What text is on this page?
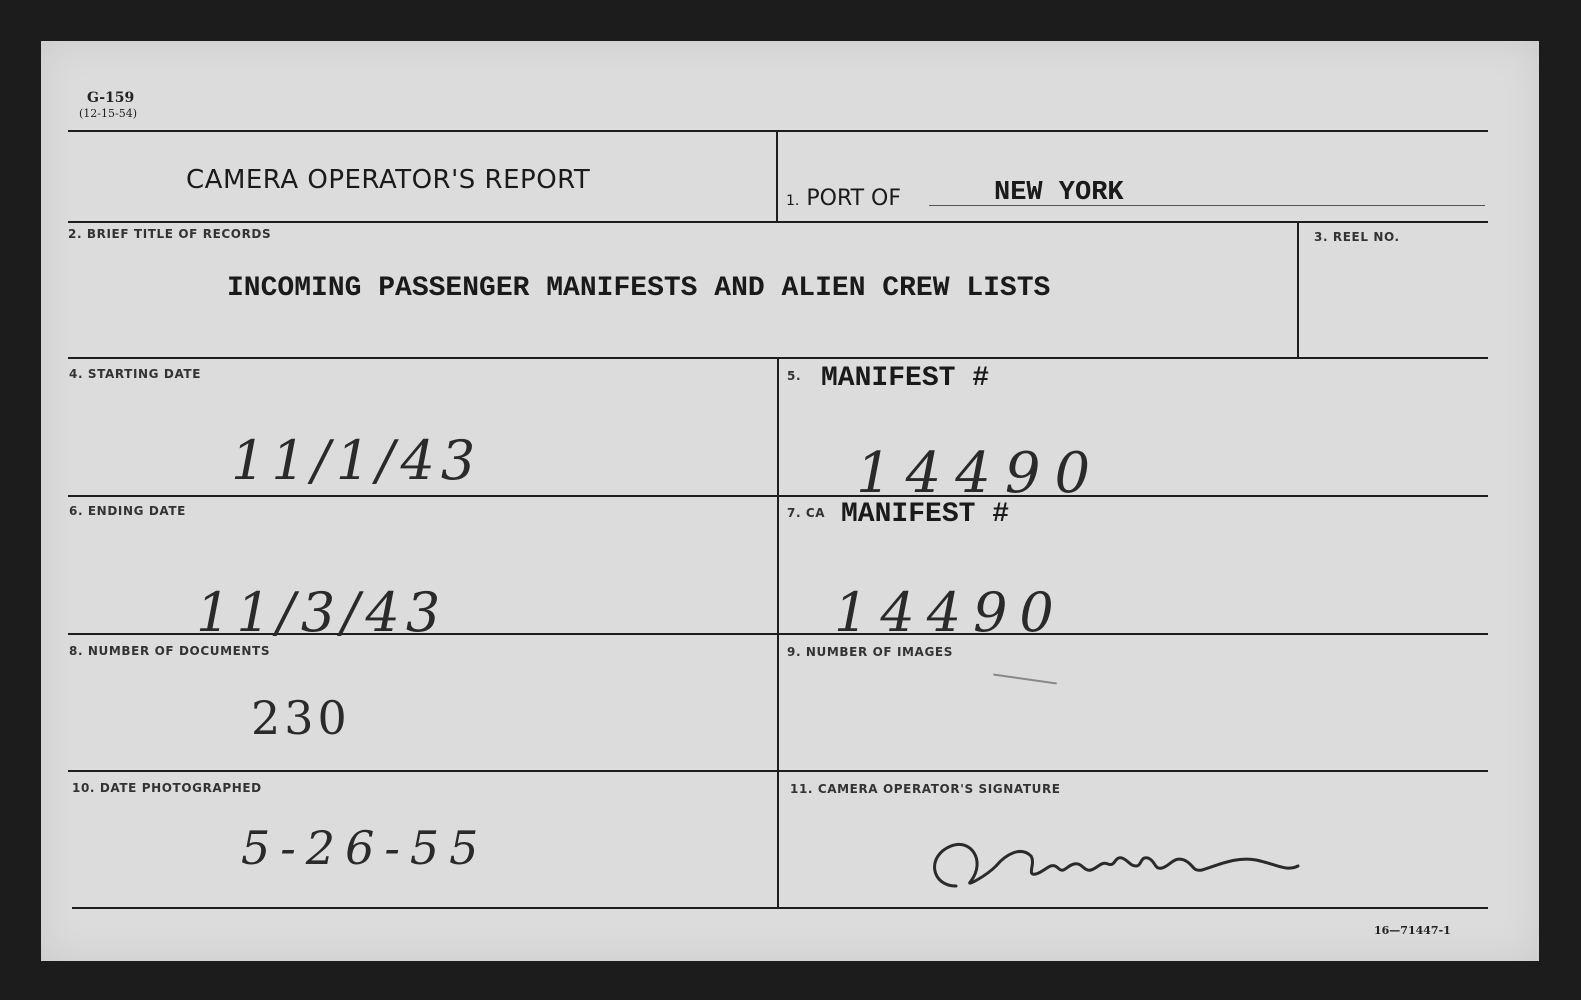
G-159
(12-15-54)
CAMERA OPERATOR'S REPORT
1. PORT OF	NEW YORK
2. BRIEF TITLE OF RECORDS
INCOMING PASSENGER MANIFESTS AND ALIEN CREW LISTS
3. REEL NO.
4. STARTING DATE
11/1/43
5. MANIFEST #
14490
6. ENDING DATE
11/3/43
7. CA MANIFEST #
14490
8. NUMBER OF DOCUMENTS
230
9. NUMBER OF IMAGES
10. DATE PHOTOGRAPHED
5-26-55
11. CAMERA OPERATOR'S SIGNATURE
16—71447-1
